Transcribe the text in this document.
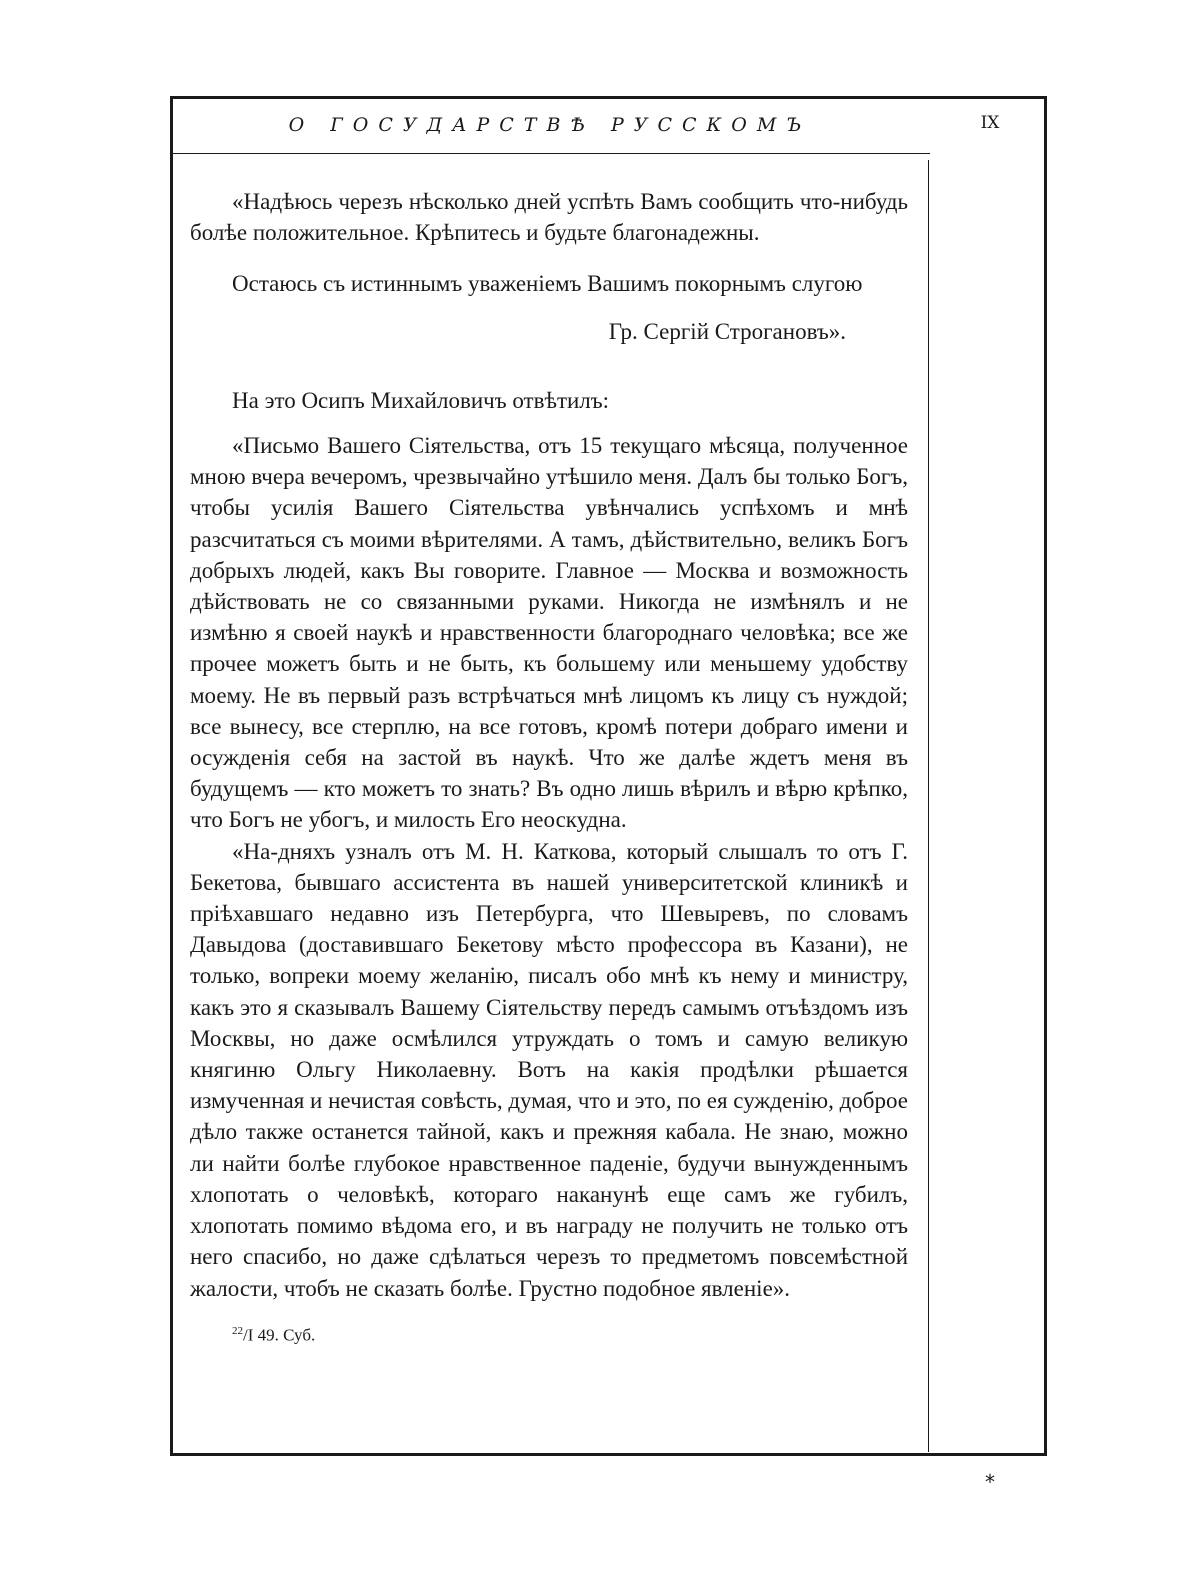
О ГОСУДАРСТВѢ РУССКОМЪ	IX

«Надѣюсь черезъ нѣсколько дней успѣть Вамъ сообщить что-нибудь болѣе положительное. Крѣпитесь и будьте благонадежны.

Остаюсь съ истиннымъ уваженіемъ Вашимъ покорнымъ слугою

Гр. Сергій Строгановъ».

На это Осипъ Михайловичъ отвѣтилъ:

«Письмо Вашего Сіятельства, отъ 15 текущаго мѣсяца, полученное мною вчера вечеромъ, чрезвычайно утѣшило меня. Далъ бы только Богъ, чтобы усилія Вашего Сіятельства увѣнчались успѣхомъ и мнѣ разсчитаться съ моими вѣрителями. А тамъ, дѣйствительно, великъ Богъ добрыхъ людей, какъ Вы говорите. Главное — Москва и возможность дѣйствовать не со связанными руками. Никогда не измѣнялъ и не измѣню я своей наукѣ и нравственности благороднаго человѣка; все же прочее можетъ быть и не быть, къ большему или меньшему удобству моему. Не въ первый разъ встрѣчаться мнѣ лицомъ къ лицу съ нуждой; все вынесу, все стерплю, на все готовъ, кромѣ потери добраго имени и осужденія себя на застой въ наукѣ. Что же далѣе ждетъ меня въ будущемъ — кто можетъ то знать? Въ одно лишь вѣрилъ и вѣрю крѣпко, что Богъ не убогъ, и милость Его неоскудна.

«На-дняхъ узналъ отъ М. Н. Каткова, который слышалъ то отъ Г. Бекетова, бывшаго ассистента въ нашей университетской клиникѣ и пріѣхавшаго недавно изъ Петербурга, что Шевыревъ, по словамъ Давыдова (доставившаго Бекетову мѣсто профессора въ Казани), не только, вопреки моему желанію, писалъ обо мнѣ къ нему и министру, какъ это я сказывалъ Вашему Сіятельству передъ самымъ отъѣздомъ изъ Москвы, но даже осмѣлился утруждать о томъ и самую великую княгиню Ольгу Николаевну. Вотъ на какія продѣлки рѣшается измученная и нечистая совѣсть, думая, что и это, по ея сужденію, доброе дѣло также останется тайной, какъ и прежняя кабала. Не знаю, можно ли найти болѣе глубокое нравственное паденіе, будучи вынужденнымъ хлопотать о человѣкѣ, котораго наканунѣ еще самъ же губилъ, хлопотать помимо вѣдома его, и въ награду не получить не только отъ него спасибо, но даже сдѣлаться черезъ то предметомъ повсемѣстной жалости, чтобъ не сказать болѣе. Грустно подобное явленіе».

$^{22}$/I 49. Суб.

*
